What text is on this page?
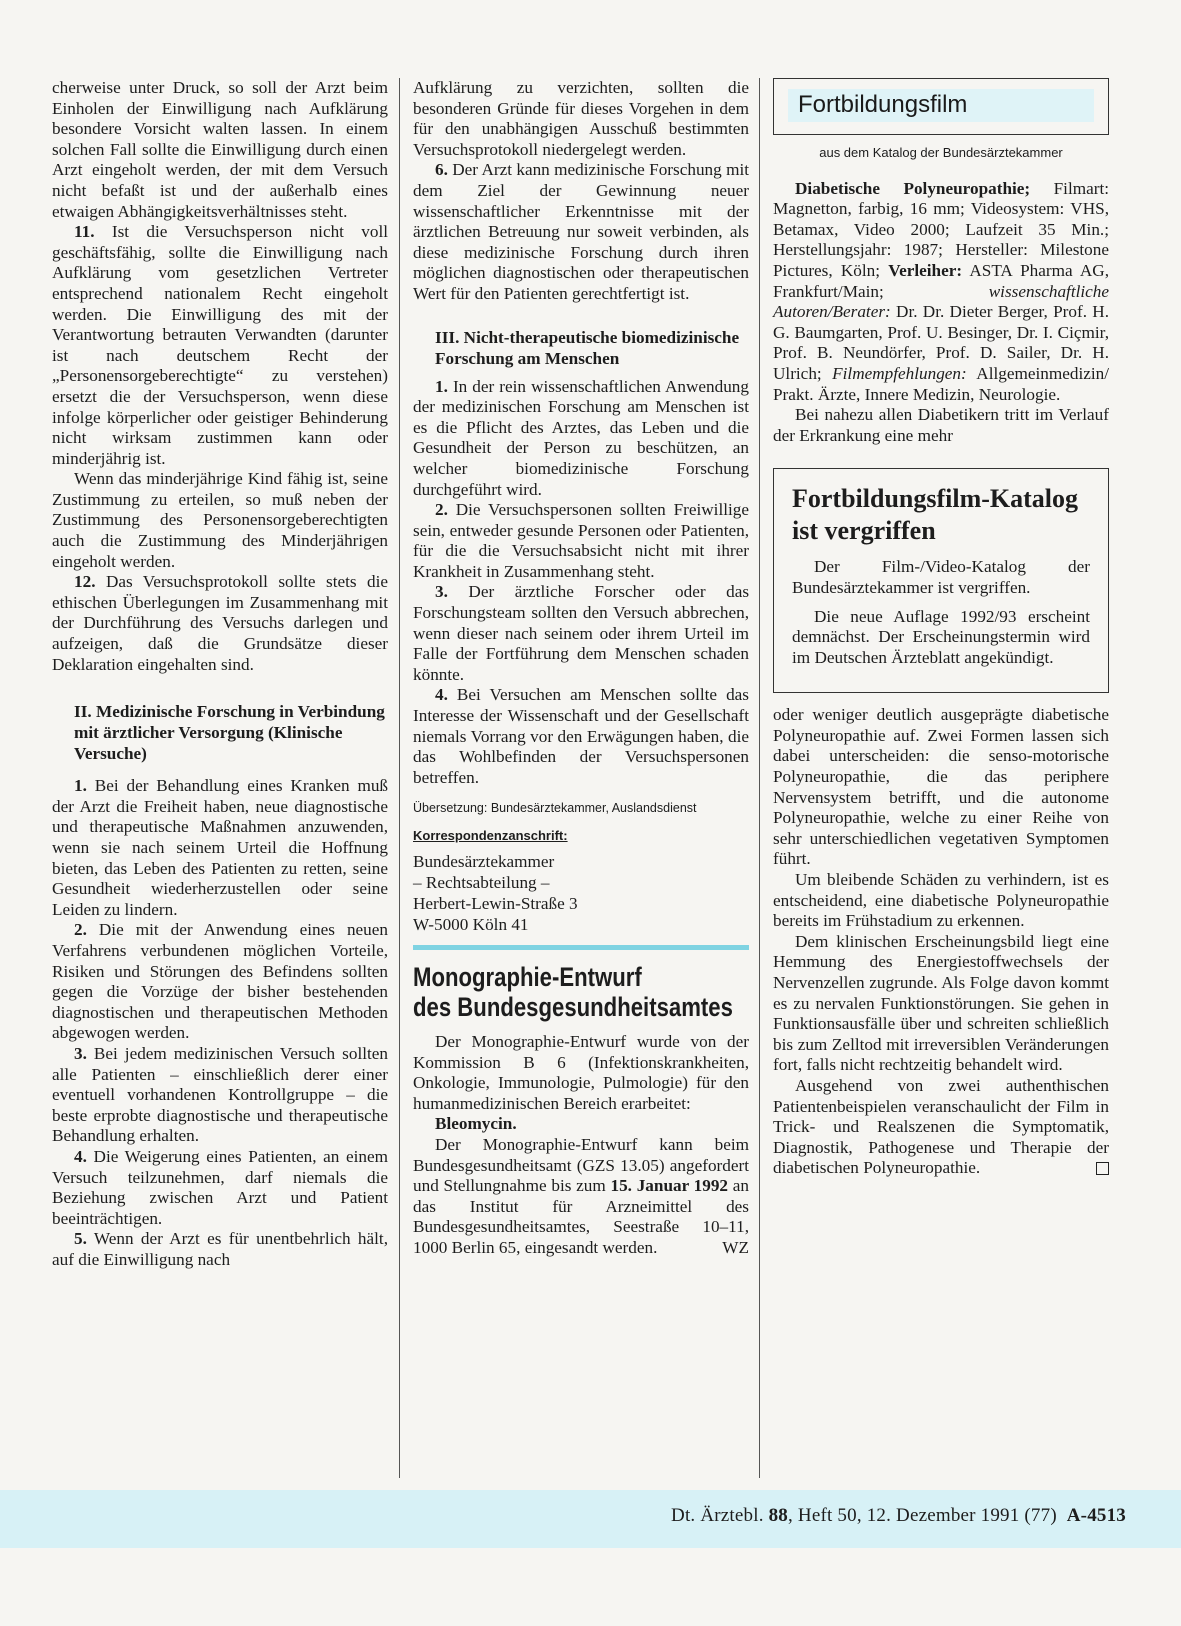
cherweise unter Druck, so soll der Arzt beim Einholen der Einwilligung nach Aufklärung besondere Vorsicht walten lassen. In einem solchen Fall sollte die Einwilligung durch einen Arzt eingeholt werden, der mit dem Versuch nicht befaßt ist und der außerhalb eines etwaigen Abhängigkeitsverhältnisses steht.

11. Ist die Versuchsperson nicht voll geschäftsfähig, sollte die Einwilligung nach Aufklärung vom gesetzlichen Vertreter entsprechend nationalem Recht eingeholt werden. Die Einwilligung des mit der Verantwortung betrauten Verwandten (darunter ist nach deutschem Recht der „Personensorgeberechtigte“ zu verstehen) ersetzt die der Versuchsperson, wenn diese infolge körperlicher oder geistiger Behinderung nicht wirksam zustimmen kann oder minderjährig ist.

Wenn das minderjährige Kind fähig ist, seine Zustimmung zu erteilen, so muß neben der Zustimmung des Personensorgeberechtigten auch die Zustimmung des Minderjährigen eingeholt werden.

12. Das Versuchsprotokoll sollte stets die ethischen Überlegungen im Zusammenhang mit der Durchführung des Versuchs darlegen und aufzeigen, daß die Grundsätze dieser Deklaration eingehalten sind.

II. Medizinische Forschung in Verbindung mit ärztlicher Versorgung (Klinische Versuche)

1. Bei der Behandlung eines Kranken muß der Arzt die Freiheit haben, neue diagnostische und therapeutische Maßnahmen anzuwenden, wenn sie nach seinem Urteil die Hoffnung bieten, das Leben des Patienten zu retten, seine Gesundheit wiederherzustellen oder seine Leiden zu lindern.

2. Die mit der Anwendung eines neuen Verfahrens verbundenen möglichen Vorteile, Risiken und Störungen des Befindens sollten gegen die Vorzüge der bisher bestehenden diagnostischen und therapeutischen Methoden abgewogen werden.

3. Bei jedem medizinischen Versuch sollten alle Patienten – einschließlich derer einer eventuell vorhandenen Kontrollgruppe – die beste erprobte diagnostische und therapeutische Behandlung erhalten.

4. Die Weigerung eines Patienten, an einem Versuch teilzunehmen, darf niemals die Beziehung zwischen Arzt und Patient beeinträchtigen.

5. Wenn der Arzt es für unentbehrlich hält, auf die Einwilligung nach

Aufklärung zu verzichten, sollten die besonderen Gründe für dieses Vorgehen in dem für den unabhängigen Ausschuß bestimmten Versuchsprotokoll niedergelegt werden.

6. Der Arzt kann medizinische Forschung mit dem Ziel der Gewinnung neuer wissenschaftlicher Erkenntnisse mit der ärztlichen Betreuung nur soweit verbinden, als diese medizinische Forschung durch ihren möglichen diagnostischen oder therapeutischen Wert für den Patienten gerechtfertigt ist.

III. Nicht-therapeutische biomedizinische Forschung am Menschen

1. In der rein wissenschaftlichen Anwendung der medizinischen Forschung am Menschen ist es die Pflicht des Arztes, das Leben und die Gesundheit der Person zu beschützen, an welcher biomedizinische Forschung durchgeführt wird.

2. Die Versuchspersonen sollten Freiwillige sein, entweder gesunde Personen oder Patienten, für die die Versuchsabsicht nicht mit ihrer Krankheit in Zusammenhang steht.

3. Der ärztliche Forscher oder das Forschungsteam sollten den Versuch abbrechen, wenn dieser nach seinem oder ihrem Urteil im Falle der Fortführung dem Menschen schaden könnte.

4. Bei Versuchen am Menschen sollte das Interesse der Wissenschaft und der Gesellschaft niemals Vorrang vor den Erwägungen haben, die das Wohlbefinden der Versuchspersonen betreffen.

Übersetzung: Bundesärztekammer, Auslandsdienst
Korrespondenzanschrift:
Bundesärztekammer
– Rechtsabteilung –
Herbert-Lewin-Straße 3
W-5000 Köln 41
Monographie-Entwurf
des Bundesgesundheitsamtes

Der Monographie-Entwurf wurde von der Kommission B 6 (Infektionskrankheiten, Onkologie, Immunologie, Pulmologie) für den humanmedizinischen Bereich erarbeitet:

Bleomycin.

Der Monographie-Entwurf kann beim Bundesgesundheitsamt (GZS 13.05) angefordert und Stellungnahme bis zum 15. Januar 1992 an das Institut für Arzneimittel des Bundesgesundheitsamtes, Seestraße 10–11, 1000 Berlin 65, eingesandt werden.	WZ

Fortbildungsfilm
aus dem Katalog der Bundesärztekammer

Diabetische Polyneuropathie; Filmart: Magnetton, farbig, 16 mm; Videosystem: VHS, Betamax, Video 2000; Laufzeit 35 Min.; Herstellungsjahr: 1987; Hersteller: Milestone Pictures, Köln; Verleiher: ASTA Pharma AG, Frankfurt/Main;	wissenschaftliche Autoren/Berater: Dr. Dr. Dieter Berger, Prof. H. G. Baumgarten, Prof. U. Besinger, Dr. I. Ciçmir, Prof. B. Neundörfer, Prof. D. Sailer, Dr. H. Ulrich; Filmempfehlungen: Allgemeinmedizin/ Prakt. Ärzte, Innere Medizin, Neurologie.

Bei nahezu allen Diabetikern tritt im Verlauf der Erkrankung eine mehr

Fortbildungsfilm-Katalog ist vergriffen

Der Film-/Video-Katalog der Bundesärztekammer ist vergriffen.

Die neue Auflage 1992/93 erscheint demnächst. Der Erscheinungstermin wird im Deutschen Ärzteblatt angekündigt.

oder weniger deutlich ausgeprägte diabetische Polyneuropathie auf. Zwei Formen lassen sich dabei unterscheiden: die senso-motorische Polyneuropathie, die das periphere Nervensystem betrifft, und die autonome Polyneuropathie, welche zu einer Reihe von sehr unterschiedlichen vegetativen Symptomen führt.

Um bleibende Schäden zu verhindern, ist es entscheidend, eine diabetische Polyneuropathie bereits im Frühstadium zu erkennen.

Dem klinischen Erscheinungsbild liegt eine Hemmung des Energiestoffwechsels der Nervenzellen zugrunde. Als Folge davon kommt es zu nervalen Funktionstörungen. Sie gehen in Funktionsausfälle über und schreiten schließlich bis zum Zelltod mit irreversiblen Veränderungen fort, falls nicht rechtzeitig behandelt wird.

Ausgehend von zwei authenthischen Patientenbeispielen veranschaulicht der Film in Trick- und Realszenen die Symptomatik, Diagnostik, Pathogenese und Therapie der diabetischen Polyneuropathie.

Dt. Ärztebl. 88, Heft 50, 12. Dezember 1991 (77) A-4513
